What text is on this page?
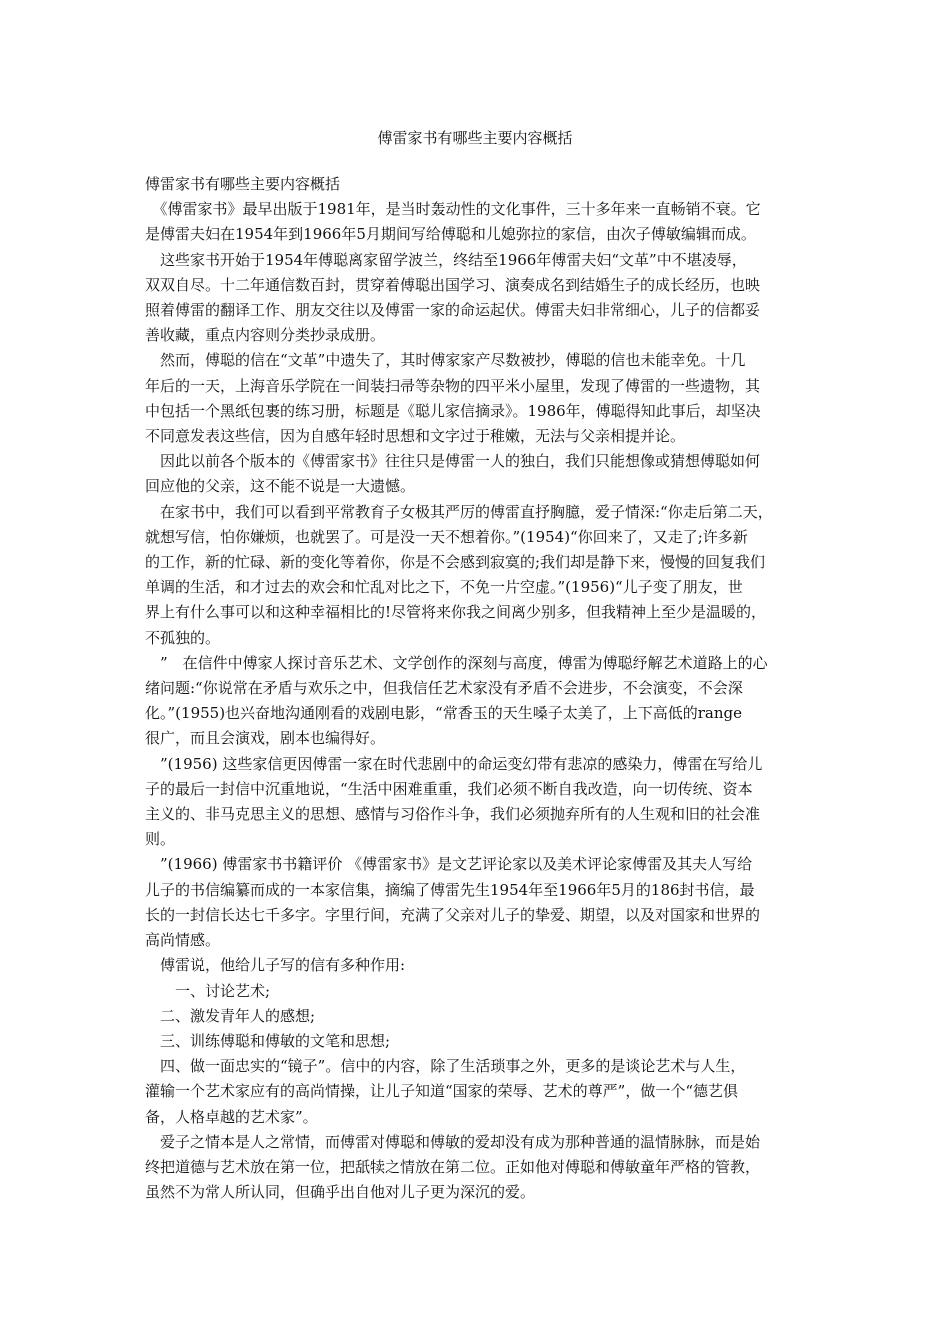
傅雷家书有哪些主要内容概括

傅雷家书有哪些主要内容概括

　《傅雷家书》最早出版于1981年，是当时轰动性的文化事件，三十多年来一直畅销不衰。它

是傅雷夫妇在1954年到1966年5月期间写给傅聪和儿媳弥拉的家信，由次子傅敏编辑而成。

　这些家书开始于1954年傅聪离家留学波兰，终结至1966年傅雷夫妇“文革”中不堪凌辱，

双双自尽。十二年通信数百封，贯穿着傅聪出国学习、演奏成名到结婚生子的成长经历，也映

照着傅雷的翻译工作、朋友交往以及傅雷一家的命运起伏。傅雷夫妇非常细心，儿子的信都妥

善收藏，重点内容则分类抄录成册。

　然而，傅聪的信在“文革”中遗失了，其时傅家家产尽数被抄，傅聪的信也未能幸免。十几

年后的一天，上海音乐学院在一间装扫帚等杂物的四平米小屋里，发现了傅雷的一些遗物，其

中包括一个黑纸包裹的练习册，标题是《聪儿家信摘录》。1986年，傅聪得知此事后，却坚决

不同意发表这些信，因为自感年轻时思想和文字过于稚嫩，无法与父亲相提并论。

　因此以前各个版本的《傅雷家书》往往只是傅雷一人的独白，我们只能想像或猜想傅聪如何

回应他的父亲，这不能不说是一大遗憾。

　在家书中，我们可以看到平常教育子女极其严厉的傅雷直抒胸臆，爱子情深:“你走后第二天，

就想写信，怕你嫌烦，也就罢了。可是没一天不想着你。”(1954)“你回来了，又走了;许多新

的工作，新的忙碌、新的变化等着你，你是不会感到寂寞的;我们却是静下来，慢慢的回复我们

单调的生活，和才过去的欢会和忙乱对比之下，不免一片空虚。”(1956)“儿子变了朋友，世

界上有什么事可以和这种幸福相比的!尽管将来你我之间离少别多，但我精神上至少是温暖的，

不孤独的。

　”　在信件中傅家人探讨音乐艺术、文学创作的深刻与高度，傅雷为傅聪纾解艺术道路上的心

绪问题:“你说常在矛盾与欢乐之中，但我信任艺术家没有矛盾不会进步，不会演变，不会深

化。”(1955)也兴奋地沟通刚看的戏剧电影，“常香玉的天生嗓子太美了，上下高低的range

很广，而且会演戏，剧本也编得好。

　”(1956) 这些家信更因傅雷一家在时代悲剧中的命运变幻带有悲凉的感染力，傅雷在写给儿

子的最后一封信中沉重地说，“生活中困难重重，我们必须不断自我改造，向一切传统、资本

主义的、非马克思主义的思想、感情与习俗作斗争，我们必须抛弃所有的人生观和旧的社会准

则。

　”(1966) 傅雷家书书籍评价 《傅雷家书》是文艺评论家以及美术评论家傅雷及其夫人写给

儿子的书信编纂而成的一本家信集，摘编了傅雷先生1954年至1966年5月的186封书信，最

长的一封信长达七千多字。字里行间，充满了父亲对儿子的挚爱、期望，以及对国家和世界的

高尚情感。

　傅雷说，他给儿子写的信有多种作用:

　　一、讨论艺术;

　二、激发青年人的感想;

　三、训练傅聪和傅敏的文笔和思想;

　四、做一面忠实的“镜子”。信中的内容，除了生活琐事之外，更多的是谈论艺术与人生，

灌输一个艺术家应有的高尚情操，让儿子知道“国家的荣辱、艺术的尊严”，做一个“德艺俱

备，人格卓越的艺术家”。

　爱子之情本是人之常情，而傅雷对傅聪和傅敏的爱却没有成为那种普通的温情脉脉，而是始

终把道德与艺术放在第一位，把舐犊之情放在第二位。正如他对傅聪和傅敏童年严格的管教，

虽然不为常人所认同，但确乎出自他对儿子更为深沉的爱。
